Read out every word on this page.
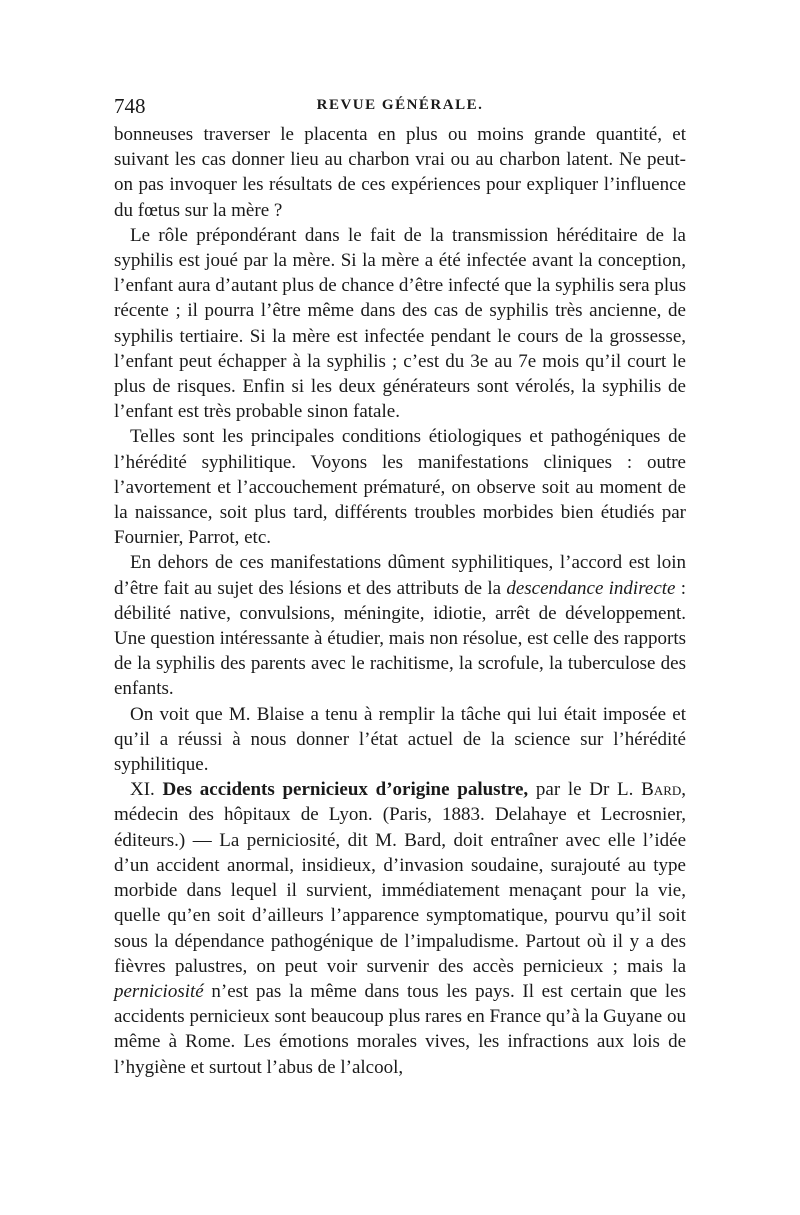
748	REVUE GÉNÉRALE.

bonneuses traverser le placenta en plus ou moins grande quantité, et suivant les cas donner lieu au charbon vrai ou au charbon latent. Ne peut-on pas invoquer les résultats de ces expériences pour expliquer l’influence du fœtus sur la mère ?

Le rôle prépondérant dans le fait de la transmission héréditaire de la syphilis est joué par la mère. Si la mère a été infectée avant la conception, l’enfant aura d’autant plus de chance d’être infecté que la syphilis sera plus récente ; il pourra l’être même dans des cas de syphilis très ancienne, de syphilis tertiaire. Si la mère est infectée pendant le cours de la grossesse, l’enfant peut échapper à la syphilis ; c’est du 3e au 7e mois qu’il court le plus de risques. Enfin si les deux générateurs sont vérolés, la syphilis de l’enfant est très probable sinon fatale.

Telles sont les principales conditions étiologiques et pathogéniques de l’hérédité syphilitique. Voyons les manifestations cliniques : outre l’avortement et l’accouchement prématuré, on observe soit au moment de la naissance, soit plus tard, différents troubles morbides bien étudiés par Fournier, Parrot, etc.

En dehors de ces manifestations dûment syphilitiques, l’accord est loin d’être fait au sujet des lésions et des attributs de la descendance indirecte : débilité native, convulsions, méningite, idiotie, arrêt de développement. Une question intéressante à étudier, mais non résolue, est celle des rapports de la syphilis des parents avec le rachitisme, la scrofule, la tuberculose des enfants.

On voit que M. Blaise a tenu à remplir la tâche qui lui était imposée et qu’il a réussi à nous donner l’état actuel de la science sur l’hérédité syphilitique.

XI. Des accidents pernicieux d’origine palustre, par le Dr L. Bard, médecin des hôpitaux de Lyon. (Paris, 1883. Delahaye et Lecrosnier, éditeurs.) — La perniciosité, dit M. Bard, doit entraîner avec elle l’idée d’un accident anormal, insidieux, d’invasion soudaine, surajouté au type morbide dans lequel il survient, immédiatement menaçant pour la vie, quelle qu’en soit d’ailleurs l’apparence symptomatique, pourvu qu’il soit sous la dépendance pathogénique de l’impaludisme. Partout où il y a des fièvres palustres, on peut voir survenir des accès pernicieux ; mais la perniciosité n’est pas la même dans tous les pays. Il est certain que les accidents pernicieux sont beaucoup plus rares en France qu’à la Guyane ou même à Rome. Les émotions morales vives, les infractions aux lois de l’hygiène et surtout l’abus de l’alcool,
